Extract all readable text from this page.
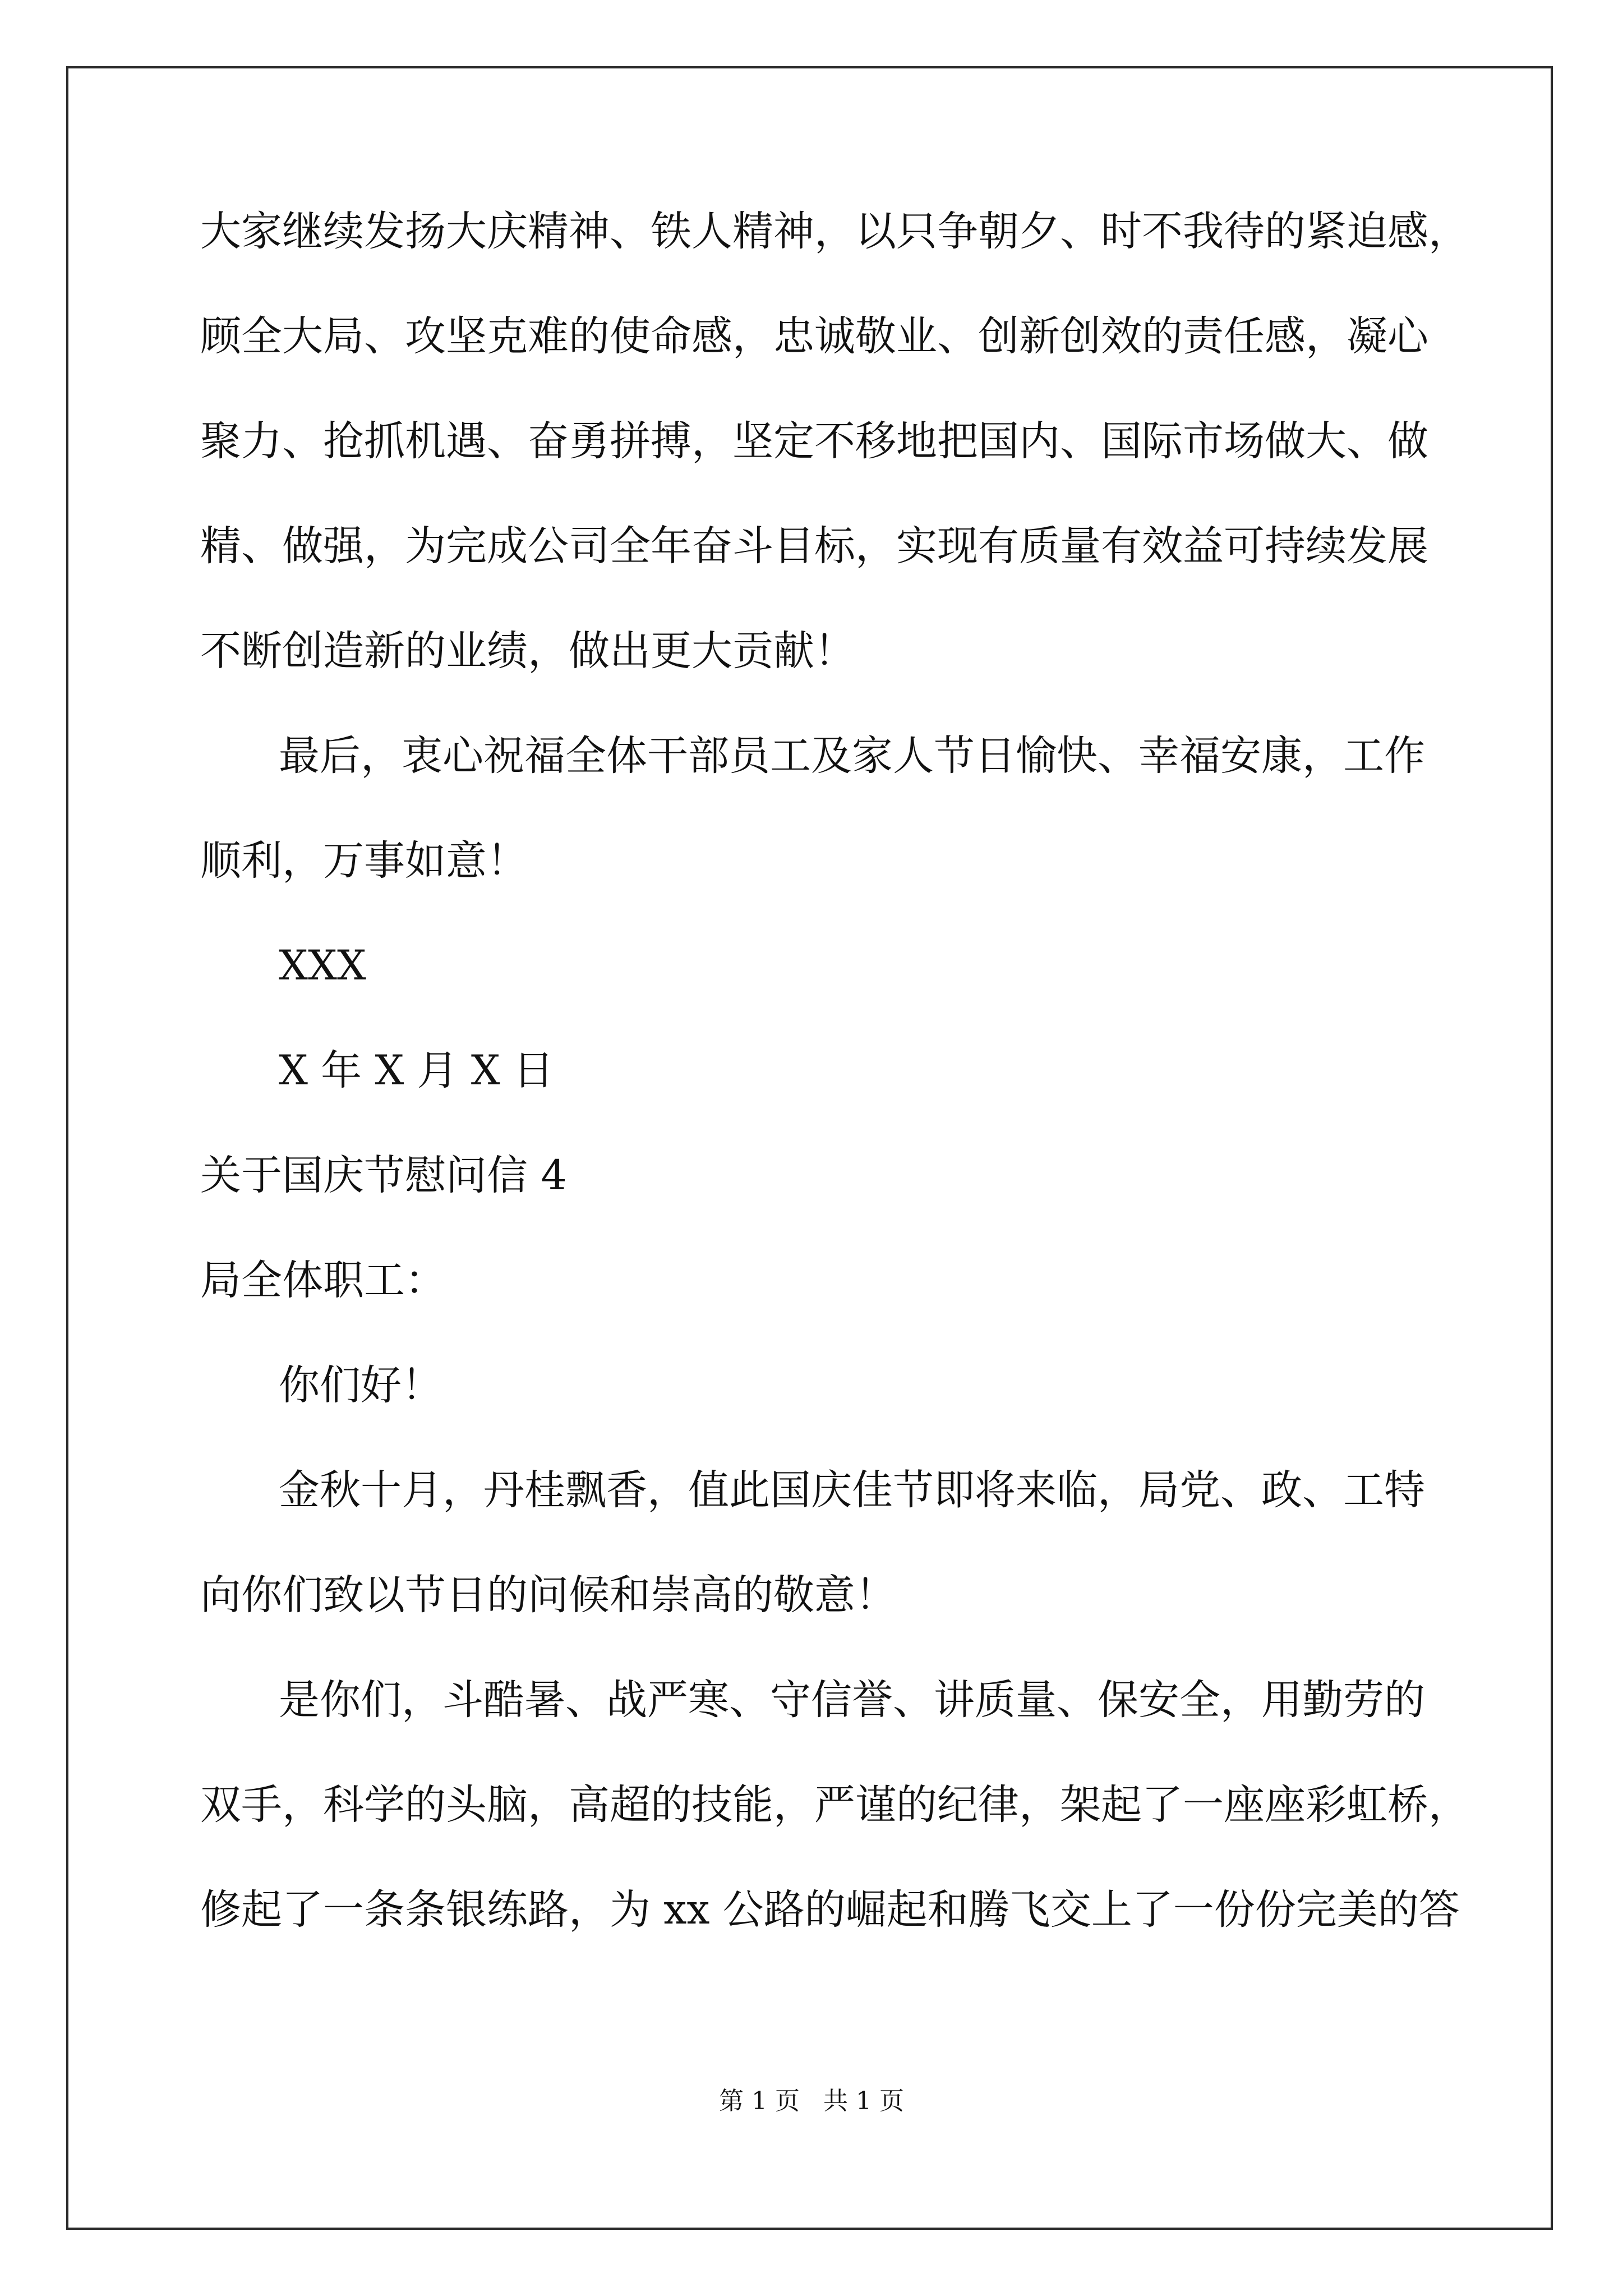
大家继续发扬大庆精神、铁人精神，以只争朝夕、时不我待的紧迫感，
顾全大局、攻坚克难的使命感，忠诚敬业、创新创效的责任感，凝心
聚力、抢抓机遇、奋勇拼搏，坚定不移地把国内、国际市场做大、做
精、做强，为完成公司全年奋斗目标，实现有质量有效益可持续发展
不断创造新的业绩，做出更大贡献！
最后，衷心祝福全体干部员工及家人节日愉快、幸福安康，工作
顺利，万事如意！
XXX
X 年 X 月 X 日
关于国庆节慰问信 4
局全体职工：
你们好！
金秋十月，丹桂飘香，值此国庆佳节即将来临，局党、政、工特
向你们致以节日的问候和崇高的敬意！
是你们，斗酷暑、战严寒、守信誉、讲质量、保安全，用勤劳的
双手，科学的头脑，高超的技能，严谨的纪律，架起了一座座彩虹桥，
修起了一条条银练路，为 xx 公路的崛起和腾飞交上了一份份完美的答
第 1 页   共 1 页
